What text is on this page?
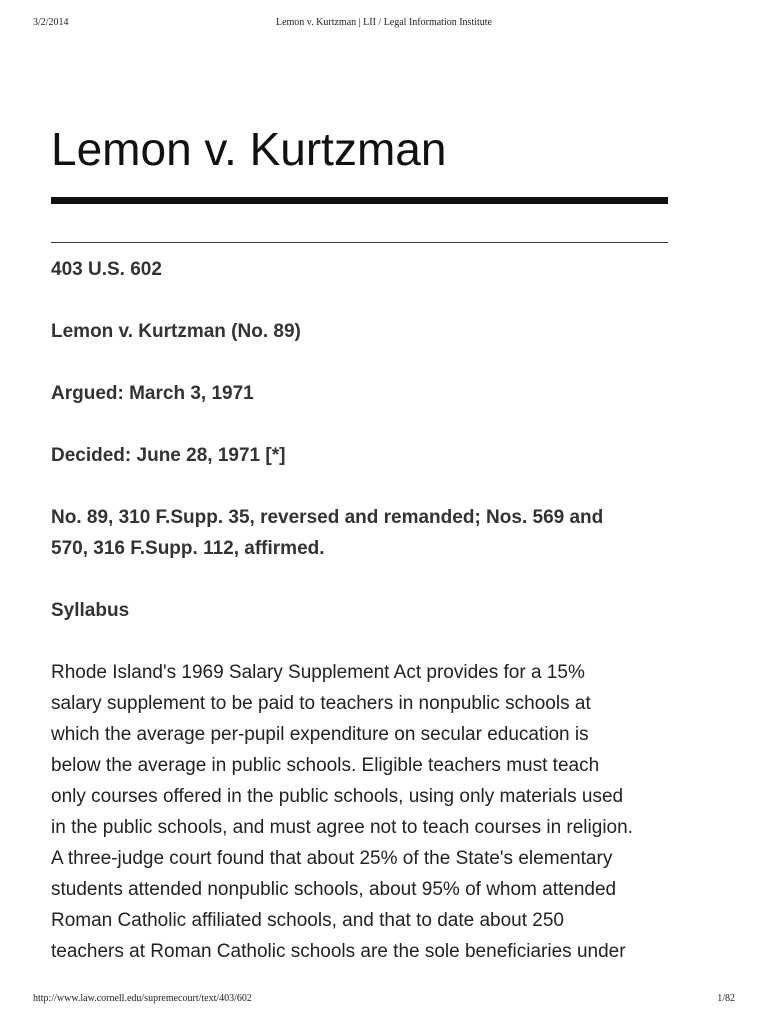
3/2/2014	Lemon v. Kurtzman | LII / Legal Information Institute
Lemon v. Kurtzman

403 U.S. 602

Lemon v. Kurtzman (No. 89)

Argued: March 3, 1971

Decided: June 28, 1971 [*]

No. 89, 310 F.Supp. 35, reversed and remanded; Nos. 569 and
570, 316 F.Supp. 112, affirmed.

Syllabus

Rhode Island's 1969 Salary Supplement Act provides for a 15%
salary supplement to be paid to teachers in nonpublic schools at
which the average per-pupil expenditure on secular education is
below the average in public schools. Eligible teachers must teach
only courses offered in the public schools, using only materials used
in the public schools, and must agree not to teach courses in religion.
A three-judge court found that about 25% of the State's elementary
students attended nonpublic schools, about 95% of whom attended
Roman Catholic affiliated schools, and that to date about 250
teachers at Roman Catholic schools are the sole beneficiaries under

http://www.law.cornell.edu/supremecourt/text/403/602	1/82
